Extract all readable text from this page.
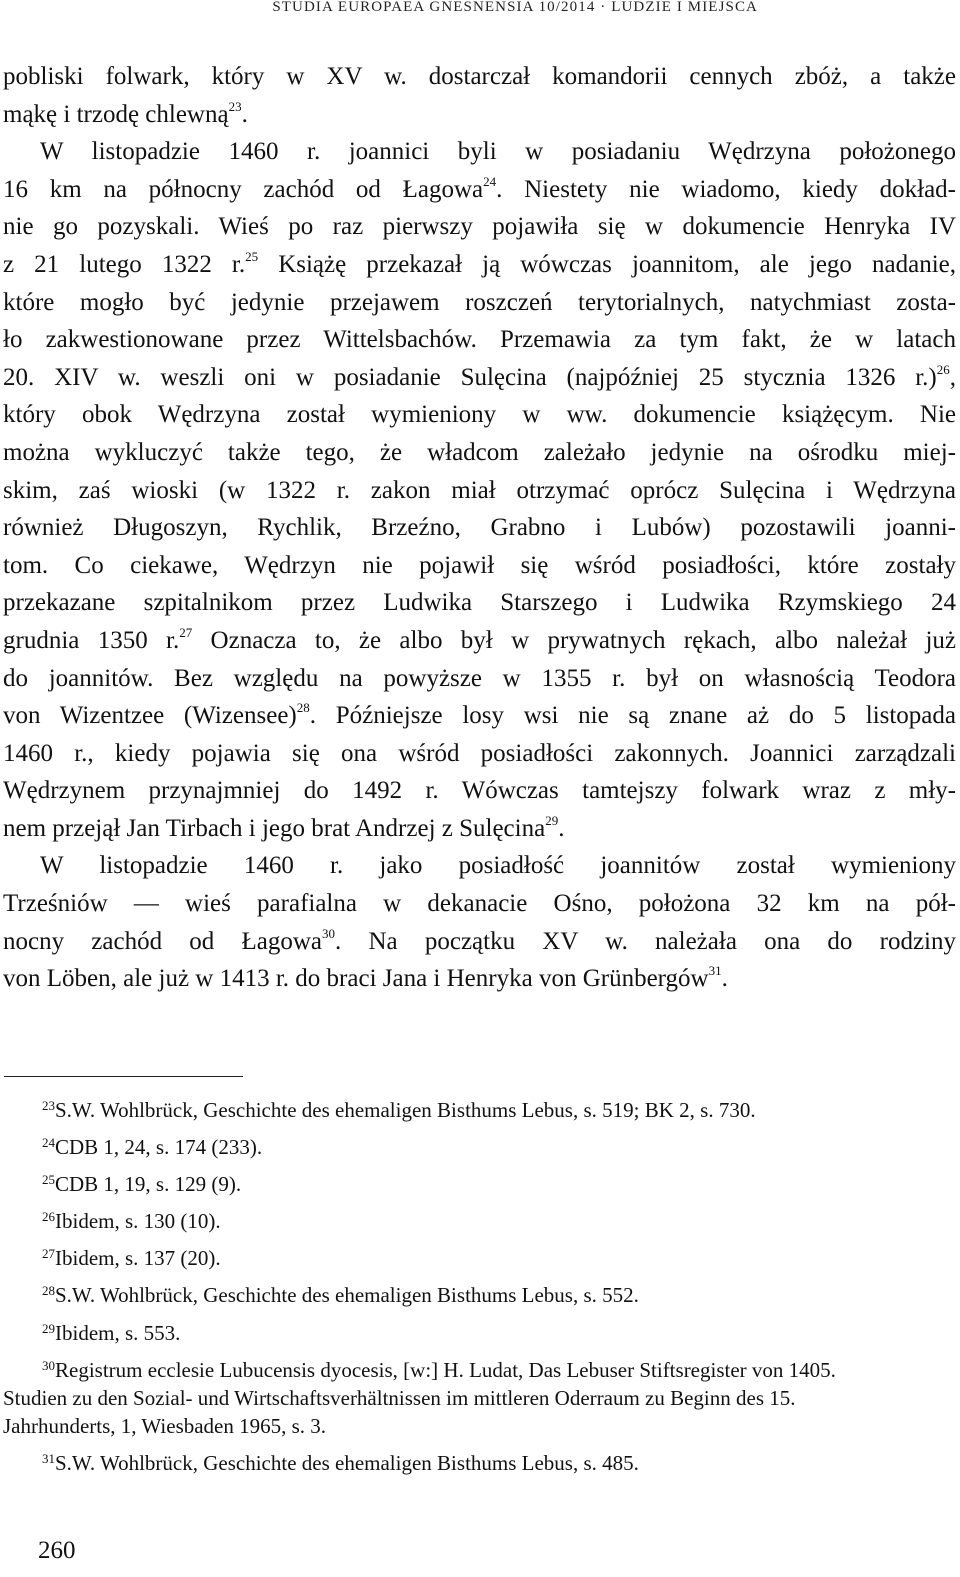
STUDIA EUROPAEA GNESNENSIA 10/2014 · LUDZIE I MIEJSCA

pobliski folwark, który w XV w. dostarczał komandorii cennych zbóż, a także
mąkę i trzodę chlewną$^{23}$.

W listopadzie 1460 r. joannici byli w posiadaniu Wędrzyna położonego
16 km na północny zachód od Łagowa$^{24}$. Niestety nie wiadomo, kiedy dokład-
nie go pozyskali. Wieś po raz pierwszy pojawiła się w dokumencie Henryka IV
z 21 lutego 1322 r.$^{25}$ Książę przekazał ją wówczas joannitom, ale jego nadanie,
które mogło być jedynie przejawem roszczeń terytorialnych, natychmiast zosta-
ło zakwestionowane przez Wittelsbachów. Przemawia za tym fakt, że w latach
20. XIV w. weszli oni w posiadanie Sulęcina (najpóźniej 25 stycznia 1326 r.)$^{26}$,
który obok Wędrzyna został wymieniony w ww. dokumencie książęcym. Nie
można wykluczyć także tego, że władcom zależało jedynie na ośrodku miej-
skim, zaś wioski (w 1322 r. zakon miał otrzymać oprócz Sulęcina i Wędrzyna
również Długoszyn, Rychlik, Brzeźno, Grabno i Lubów) pozostawili joanni-
tom. Co ciekawe, Wędrzyn nie pojawił się wśród posiadłości, które zostały
przekazane szpitalnikom przez Ludwika Starszego i Ludwika Rzymskiego 24
grudnia 1350 r.$^{27}$ Oznacza to, że albo był w prywatnych rękach, albo należał już
do joannitów. Bez względu na powyższe w 1355 r. był on własnością Teodora
von Wizentzee (Wizensee)$^{28}$. Późniejsze losy wsi nie są znane aż do 5 listopada
1460 r., kiedy pojawia się ona wśród posiadłości zakonnych. Joannici zarządzali
Wędrzynem przynajmniej do 1492 r. Wówczas tamtejszy folwark wraz z mły-
nem przejął Jan Tirbach i jego brat Andrzej z Sulęcina$^{29}$.

W listopadzie 1460 r. jako posiadłość joannitów został wymieniony
Trześniów — wieś parafialna w dekanacie Ośno, położona 32 km na pół-
nocny zachód od Łagowa$^{30}$. Na początku XV w. należała ona do rodziny
von Löben, ale już w 1413 r. do braci Jana i Henryka von Grünbergów$^{31}$.

23S.W. Wohlbrück, Geschichte des ehemaligen Bisthums Lebus, s. 519; BK 2, s. 730.

24CDB 1, 24, s. 174 (233).

25CDB 1, 19, s. 129 (9).

26Ibidem, s. 130 (10).

27Ibidem, s. 137 (20).

28S.W. Wohlbrück, Geschichte des ehemaligen Bisthums Lebus, s. 552.

29Ibidem, s. 553.

30Registrum ecclesie Lubucensis dyocesis, [w:] H. Ludat, Das Lebuser Stiftsregister von 1405.
Studien zu den Sozial- und Wirtschaftsverhältnissen im mittleren Oderraum zu Beginn des 15.
Jahrhunderts, 1, Wiesbaden 1965, s. 3.

31S.W. Wohlbrück, Geschichte des ehemaligen Bisthums Lebus, s. 485.

260
